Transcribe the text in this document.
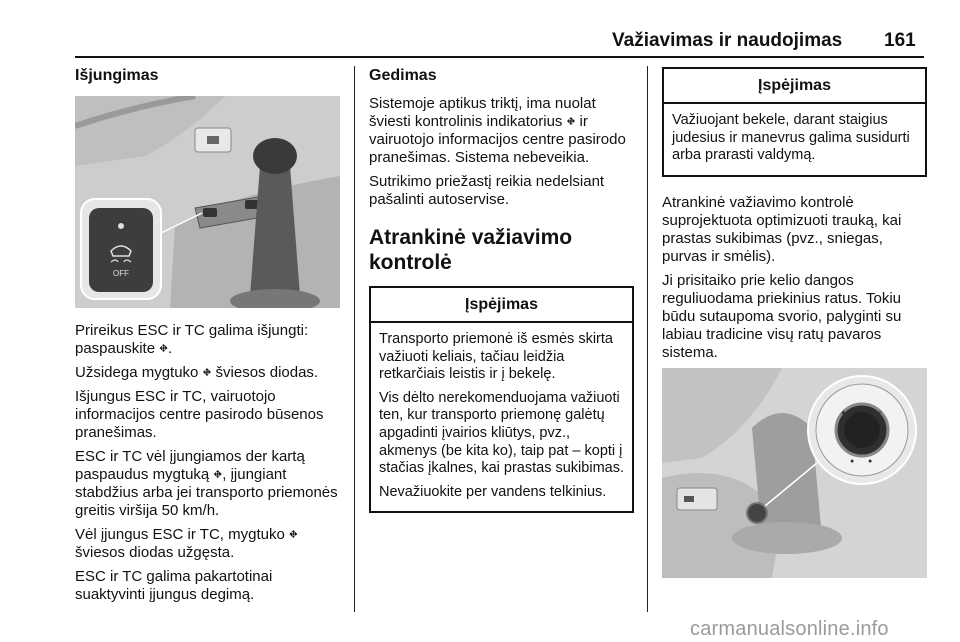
Važiavimas ir naudojimas 161
Išjungimas
OFF

Prireikus ESC ir TC galima išjungti: paspauskite ⛖.

Užsidega mygtuko ⛖ šviesos diodas.

Išjungus ESC ir TC, vairuotojo informacijos centre pasirodo būsenos pranešimas.

ESC ir TC vėl įjungiamos der kartą paspaudus mygtuką ⛖, įjungiant stabdžius arba jei transporto priemonės greitis viršija 50 km/h.

Vėl įjungus ESC ir TC, mygtuko ⛖ šviesos diodas užgęsta.

ESC ir TC galima pakartotinai suaktyvinti įjungus degimą.

Gedimas

Sistemoje aptikus triktį, ima nuolat šviesti kontrolinis indikatorius ⛖ ir vairuotojo informacijos centre pasirodo pranešimas. Sistema nebeveikia.

Sutrikimo priežastį reikia nedelsiant pašalinti autoservise.

Atrankinė važiavimo kontrolė
Įspėjimas

Transporto priemonė iš esmės skirta važiuoti keliais, tačiau leidžia retkarčiais leistis ir į bekelę.

Vis dėlto nerekomenduojama važiuoti ten, kur transporto priemonę galėtų apgadinti įvairios kliūtys, pvz., akmenys (be kita ko), taip pat – kopti į stačias įkalnes, kai prastas sukibimas.

Nevažiuokite per vandens telkinius.

Įspėjimas

Važiuojant bekele, darant staigius judesius ir manevrus galima susidurti arba prarasti valdymą.

Atrankinė važiavimo kontrolė suprojektuota optimizuoti trauką, kai prastas sukibimas (pvz., sniegas, purvas ir smėlis).

Ji prisitaiko prie kelio dangos reguliuodama priekinius ratus. Tokiu būdu sutaupoma svorio, palyginti su labiau tradicine visų ratų pavaros sistema.

▲	≈
● ●
carmanualsonline.info
